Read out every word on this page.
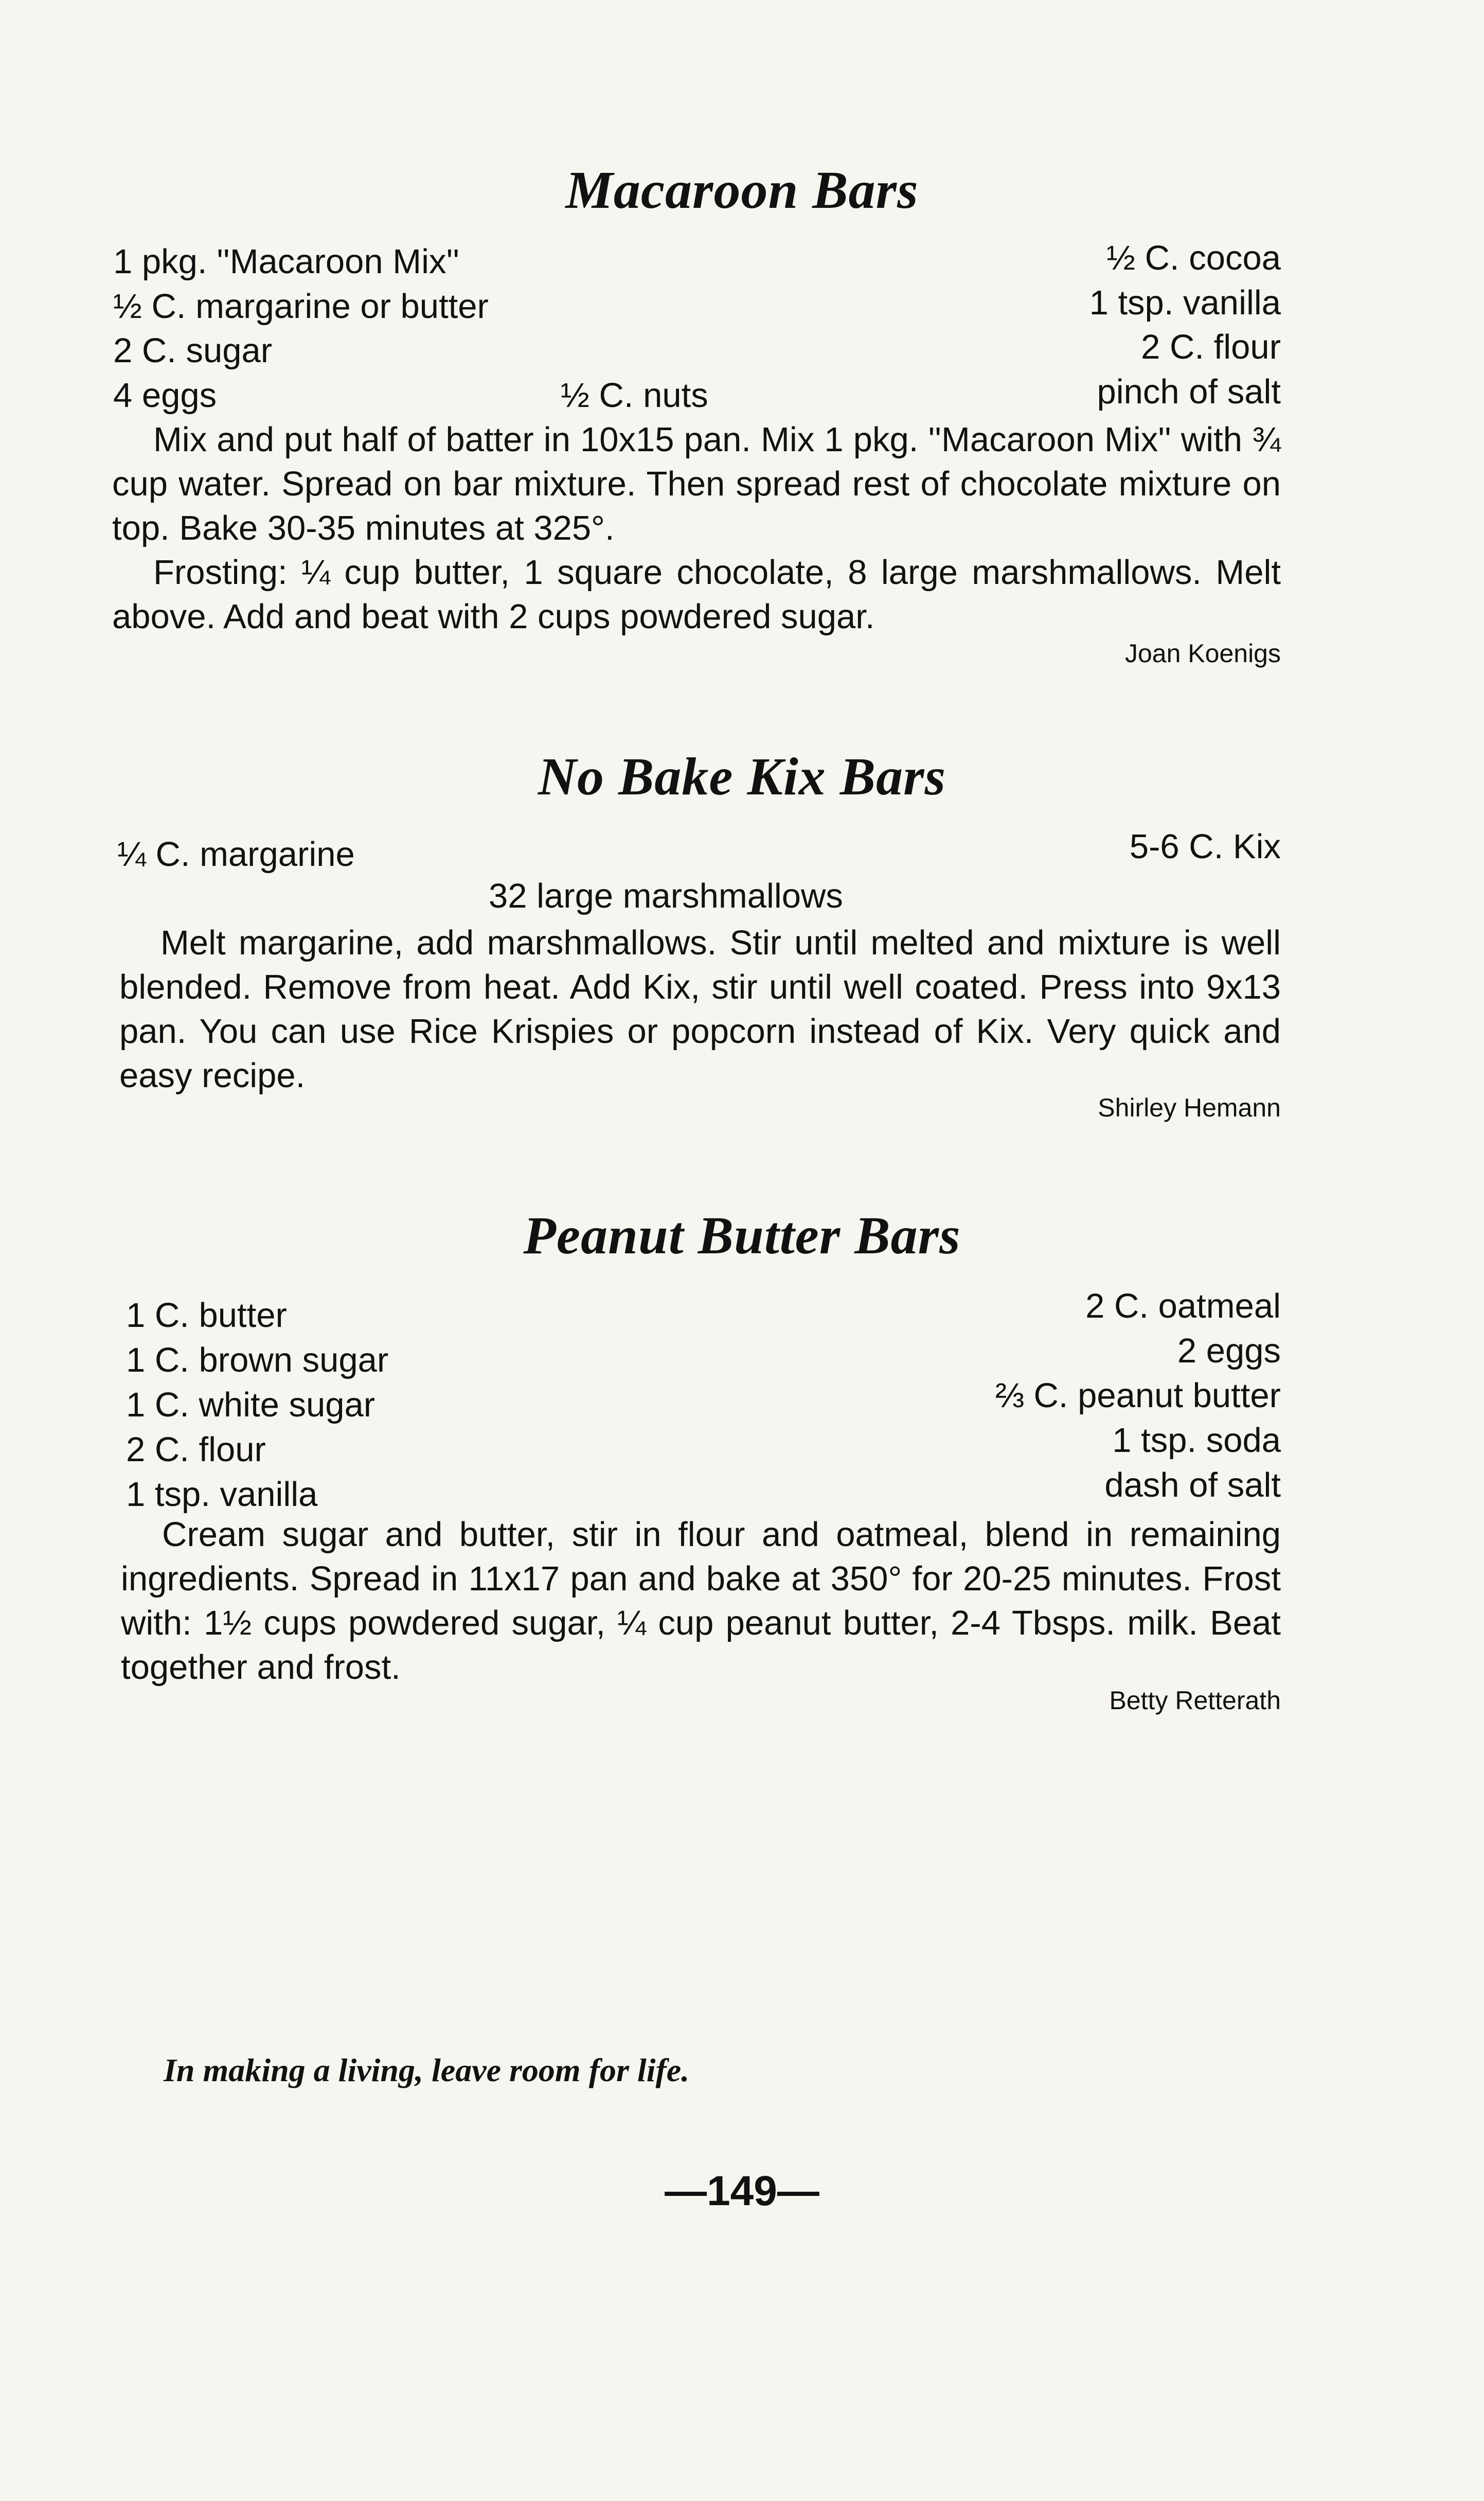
Macaroon Bars
1 pkg. ''Macaroon Mix''
½ C. margarine or butter
2 C. sugar
4 eggs	½ C. nuts
½ C. cocoa
1 tsp. vanilla
2 C. flour
pinch of salt

Mix and put half of batter in 10x15 pan. Mix 1 pkg. ''Macaroon Mix'' with ¾ cup water. Spread on bar mixture. Then spread rest of chocolate mixture on top. Bake 30-35 minutes at 325°.

Frosting: ¼ cup butter, 1 square chocolate, 8 large marshmallows. Melt above. Add and beat with 2 cups powdered sugar.

Joan Koenigs
No Bake Kix Bars
¼ C. margarine	5-6 C. Kix
32 large marshmallows

Melt margarine, add marshmallows. Stir until melted and mixture is well blended. Remove from heat. Add Kix, stir until well coated. Press into 9x13 pan. You can use Rice Krispies or popcorn instead of Kix. Very quick and easy recipe.

Shirley Hemann
Peanut Butter Bars
1 C. butter
1 C. brown sugar
1 C. white sugar
2 C. flour
1 tsp. vanilla
2 C. oatmeal
2 eggs
⅔ C. peanut butter
1 tsp. soda
dash of salt

Cream sugar and butter, stir in flour and oatmeal, blend in remaining ingredients. Spread in 11x17 pan and bake at 350° for 20-25 minutes. Frost with: 1½ cups powdered sugar, ¼ cup peanut butter, 2-4 Tbsps. milk. Beat together and frost.

Betty Retterath
In making a living, leave room for life.
—149—
